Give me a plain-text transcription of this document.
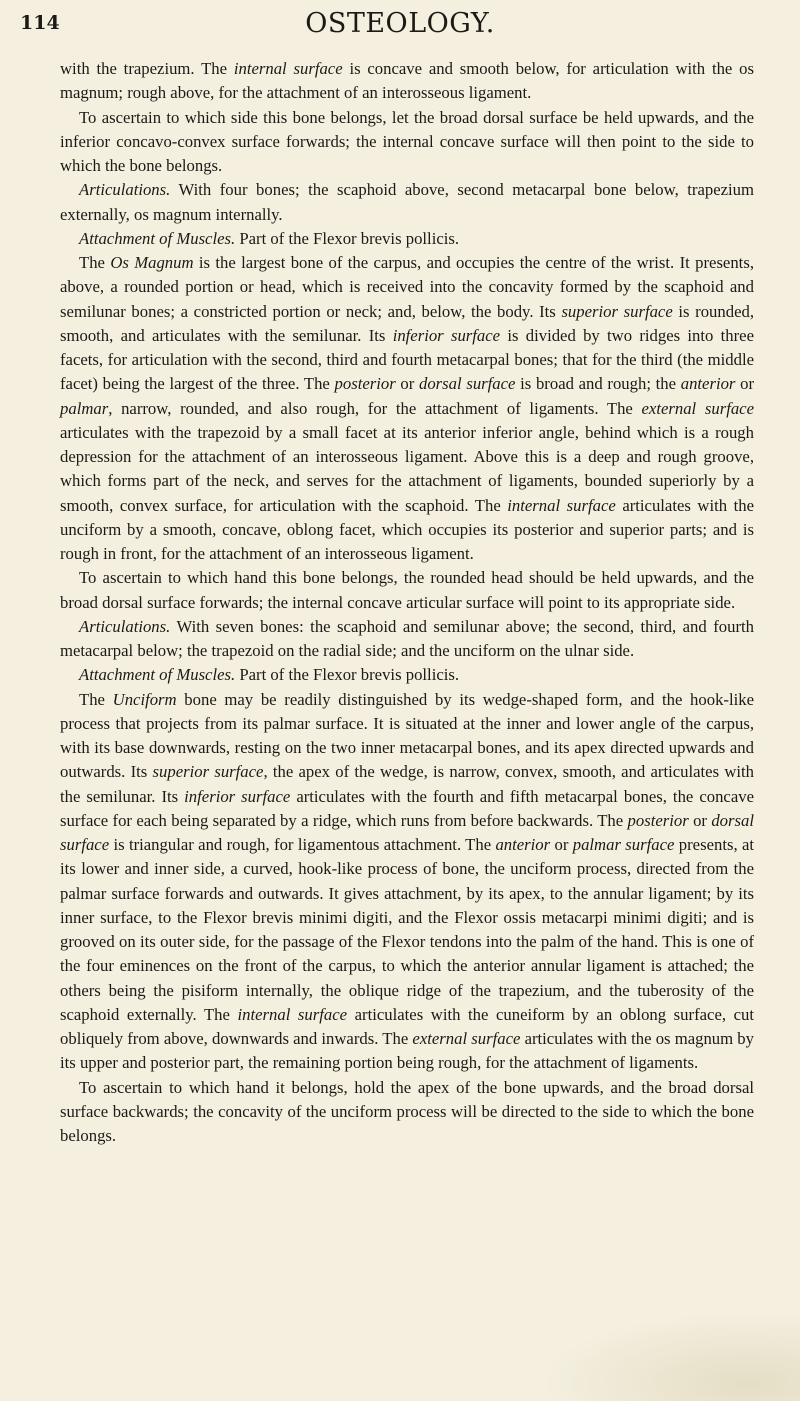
114	OSTEOLOGY.

with the trapezium. The internal surface is concave and smooth below, for articulation with the os magnum; rough above, for the attachment of an interosseous ligament.

To ascertain to which side this bone belongs, let the broad dorsal surface be held upwards, and the inferior concavo-convex surface forwards; the internal concave surface will then point to the side to which the bone belongs.

Articulations. With four bones; the scaphoid above, second metacarpal bone below, trapezium externally, os magnum internally.

Attachment of Muscles. Part of the Flexor brevis pollicis.

The Os Magnum is the largest bone of the carpus, and occupies the centre of the wrist. It presents, above, a rounded portion or head, which is received into the concavity formed by the scaphoid and semilunar bones; a constricted portion or neck; and, below, the body. Its superior surface is rounded, smooth, and articulates with the semilunar. Its inferior surface is divided by two ridges into three facets, for articulation with the second, third and fourth metacarpal bones; that for the third (the middle facet) being the largest of the three. The posterior or dorsal surface is broad and rough; the anterior or palmar, narrow, rounded, and also rough, for the attachment of ligaments. The external surface articulates with the trapezoid by a small facet at its anterior inferior angle, behind which is a rough depression for the attachment of an interosseous ligament. Above this is a deep and rough groove, which forms part of the neck, and serves for the attachment of ligaments, bounded superiorly by a smooth, convex surface, for articulation with the scaphoid. The internal surface articulates with the unciform by a smooth, concave, oblong facet, which occupies its posterior and superior parts; and is rough in front, for the attachment of an interosseous ligament.

To ascertain to which hand this bone belongs, the rounded head should be held upwards, and the broad dorsal surface forwards; the internal concave articular surface will point to its appropriate side.

Articulations. With seven bones: the scaphoid and semilunar above; the second, third, and fourth metacarpal below; the trapezoid on the radial side; and the unciform on the ulnar side.

Attachment of Muscles. Part of the Flexor brevis pollicis.

The Unciform bone may be readily distinguished by its wedge-shaped form, and the hook-like process that projects from its palmar surface. It is situated at the inner and lower angle of the carpus, with its base downwards, resting on the two inner metacarpal bones, and its apex directed upwards and outwards. Its superior surface, the apex of the wedge, is narrow, convex, smooth, and articulates with the semilunar. Its inferior surface articulates with the fourth and fifth metacarpal bones, the concave surface for each being separated by a ridge, which runs from before backwards. The posterior or dorsal surface is triangular and rough, for ligamentous attachment. The anterior or palmar surface presents, at its lower and inner side, a curved, hook-like process of bone, the unciform process, directed from the palmar surface forwards and outwards. It gives attachment, by its apex, to the annular ligament; by its inner surface, to the Flexor brevis minimi digiti, and the Flexor ossis metacarpi minimi digiti; and is grooved on its outer side, for the passage of the Flexor tendons into the palm of the hand. This is one of the four eminences on the front of the carpus, to which the anterior annular ligament is attached; the others being the pisiform internally, the oblique ridge of the trapezium, and the tuberosity of the scaphoid externally. The internal surface articulates with the cuneiform by an oblong surface, cut obliquely from above, downwards and inwards. The external surface articulates with the os magnum by its upper and posterior part, the remaining portion being rough, for the attachment of ligaments.

To ascertain to which hand it belongs, hold the apex of the bone upwards, and the broad dorsal surface backwards; the concavity of the unciform process will be directed to the side to which the bone belongs.
